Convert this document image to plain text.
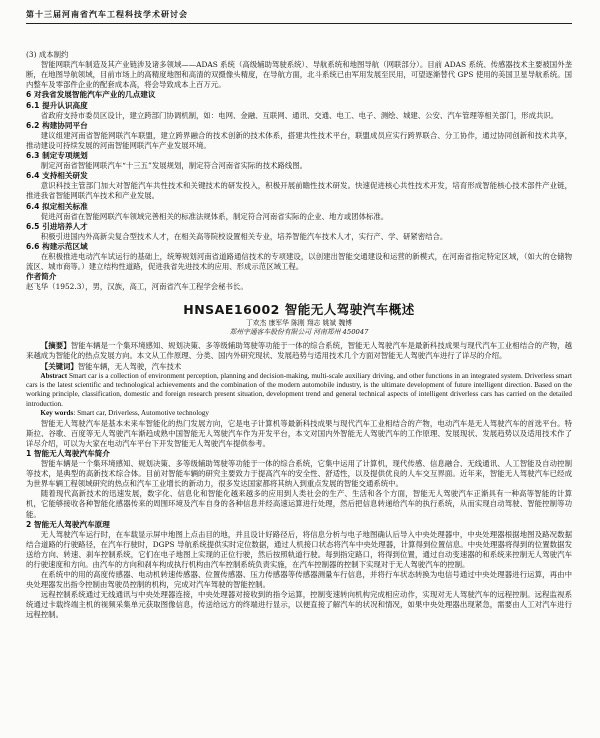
第十三届河南省汽车工程科技学术研讨会

(3) 成本制约

智能网联汽车制造及其产业链涉及诸多领域——ADAS 系统（高级辅助驾驶系统）、导航系统和地图导航（网联部分）。目前 ADAS 系统、传感器技术主要被国外垄断，在地图导航领域，目前市场上的高精度地图和高清的双摄像头精度，在导航方面，北斗系统已由军用发展至民用，可望逐渐替代 GPS 使用的美国卫星导航系统。国内整车及零部件企业的配套成本高，将会导致成本上百万元。

6 对我省发展智能汽车产业的几点建议

6.1 提升认识高度

省政府支持市委员区设计，建立跨部门协调机制，如：电网、金融、互联网、通讯、交通、电工、电子、测绘、城建、公安、汽车管理等相关部门，形成共识。

6.2 构建协同平台

建议组建河南省智能网联汽车联盟，建立跨界融合的技术创新的技术体系，搭建共性技术平台，联盟成员应实行跨界联合、分工协作，通过协同创新和技术共享，推动建设可持续发展的河南智能网联汽车产业发展环境。

6.3 制定专项规划

制定河南省智能网联汽车“十三五”发展规划，制定符合河南省实际的技术路线图。

6.4 支持相关研发

意识科技主管部门加大对智能汽车共性技术和关键技术的研发投入，积极开展前瞻性技术研发。快速促进核心共性技术开发，培育形成智能核心技术部件产业链，推进我省智能网联汽车技术和产业发展。

6.4 拟定相关标准

促进河南省在智能网联汽车领域完善相关的标准法规体系，制定符合河南省实际的企业、地方或团体标准。

6.5 引进培养人才

积极引进国内外高新尖复合型技术人才，在相关高等院校设置相关专业，培养智能汽车技术人才，实行产、学、研紧密结合。

6.6 构建示范区域

在积极推进电动汽车试运行的基础上，统筹规划河南省道路通信技术的专项建设，以创建出智能交通建设和运营的新模式，在河南省指定特定区域，（如大的仓储物流区、城市商等。）建立结构性道路，促进我省先进技术的应用、形成示范区域工程。

作者简介

赵飞华（1952.3），男，汉族，高工，河南省汽车工程学会秘书长。

HNSAE16002 智能无人驾驶汽车概述
丁欢杰 康军华 陈刚 翔志 姚斌 魏博
郑州宇通客车股份有限公司 河南郑州 450047

【摘要】智能车辆是一个集环境感知、规划决策、多等级辅助驾驶等功能于一体的综合系统，智能无人驾驶汽车是最新科技成果与现代汽车工业相结合的产物，越来越成为智能化的热点发展方向。本文从工作原理、分类、国内外研究现状、发展趋势与适用技术几个方面对智能无人驾驶汽车进行了详尽的介绍。

【关键词】智能车辆，无人驾驶，汽车技术

Abstract Smart car is a collection of environment perception, planning and decision-making, multi-scale auxiliary driving, and other functions in an integrated system. Driverless smart cars is the latest scientific and technological achievements and the combination of the modern automobile industry, is the ultimate development of future intelligent direction. Based on the working principle, classification, domestic and foreign research present situation, development trend and general technical aspects of intelligent driverless cars has carried on the detailed introduction.

Key words: Smart car, Driverless, Automotive technology

智能无人驾驶汽车是基本未来车智能化的热门发展方向，它是电子计算机等最新科技成果与现代汽车工业相结合的产物，电动汽车是无人驾驶汽车的首选平台。特斯拉、谷歌、百度等无人驾驶汽车渐趋成熟中国智能无人驾驶汽车作为开发平台，本文对国内外智能无人驾驶汽车的工作原理、发展现状、发展趋势以及适用技术作了详尽介绍，可以为大家在电动汽车平台下开发智能无人驾驶汽车提供参考。

1 智能无人驾驶汽车简介

智能车辆是一个集环境感知、规划决策、多等级辅助驾驶等功能于一体的综合系统，它集中运用了计算机，现代传感、信息融合、无线通讯、人工智能及自动控制等技术，是典型的高新技术综合体。目前对智能车辆的研究主要致力于提高汽车的安全性、舒适性，以及提供优良的人车交互界面。近年来，智能无人驾驶汽车已经成为世界车辆工程领域研究的热点和汽车工业增长的新动力，很多发达国家都将其纳入到重点发展的智能交通系统中。

随着现代高新技术的迅速发展，数字化、信息化和智能化越来越多的应用到人类社会的生产、生活和各个方面，智能无人驾驶汽车正渐具有一种高等智能的计算机，它能够接收各种智能化感器传来的周围环境及汽车自身的各种信息并经高速运算进行处理，然后把信息转递给汽车的执行系统，从而实现自动驾驶、智能控制等功能。

2 智能无人驾驶汽车原理

无人驾驶汽车运行时，在车载显示屏中地图上点击目的地，并且设计好路径后，将信息分析与电子地图确认后导入中央处理器中，中央处理器根据地图及路况数据结合道路的行驶路径，在汽车行驶时，DGPS 导航系统提供实时定位数据，通过人机接口状态将汽车中央处理器，计算得到位置信息。中央处理器将得到的位置数据发送给方向、转速、刹车控制系统，它们在电子地图上实现的正位行驶，然后按照轨道行驶。每到指定路口，将得到位置，通过自动变速器的和系统来控制无人驾驶汽车的行驶速度和方向。由汽车的方向和刹车构成执行机构由汽车控制系统负责实施，在汽车控制器的控制下实现对于无人驾驶汽车的控制。

在系统中的用的高度传感器、电动机转速传感器、位置传感器、压力传感器等传感器测量车行信息，并将行车状态转换为电信号通过中央处理器进行运算，再由中央处理器发出指令控制由驾驶员控制的机构，完成对汽车驾驶的智能控制。

远程控制系统通过无线通讯与中央处理器连接，中央处理器对接收到的指令运算，控制变速转向机构完成相应动作，实现对无人驾驶汽车的远程控制。远程监视系统通过卡载终端主机的视频采集单元获取图像信息，传送给远方的终端进行显示，以便直接了解汽车的状况和情况，如果中央处理器出现紧急，需要由人工对汽车进行远程控制。
